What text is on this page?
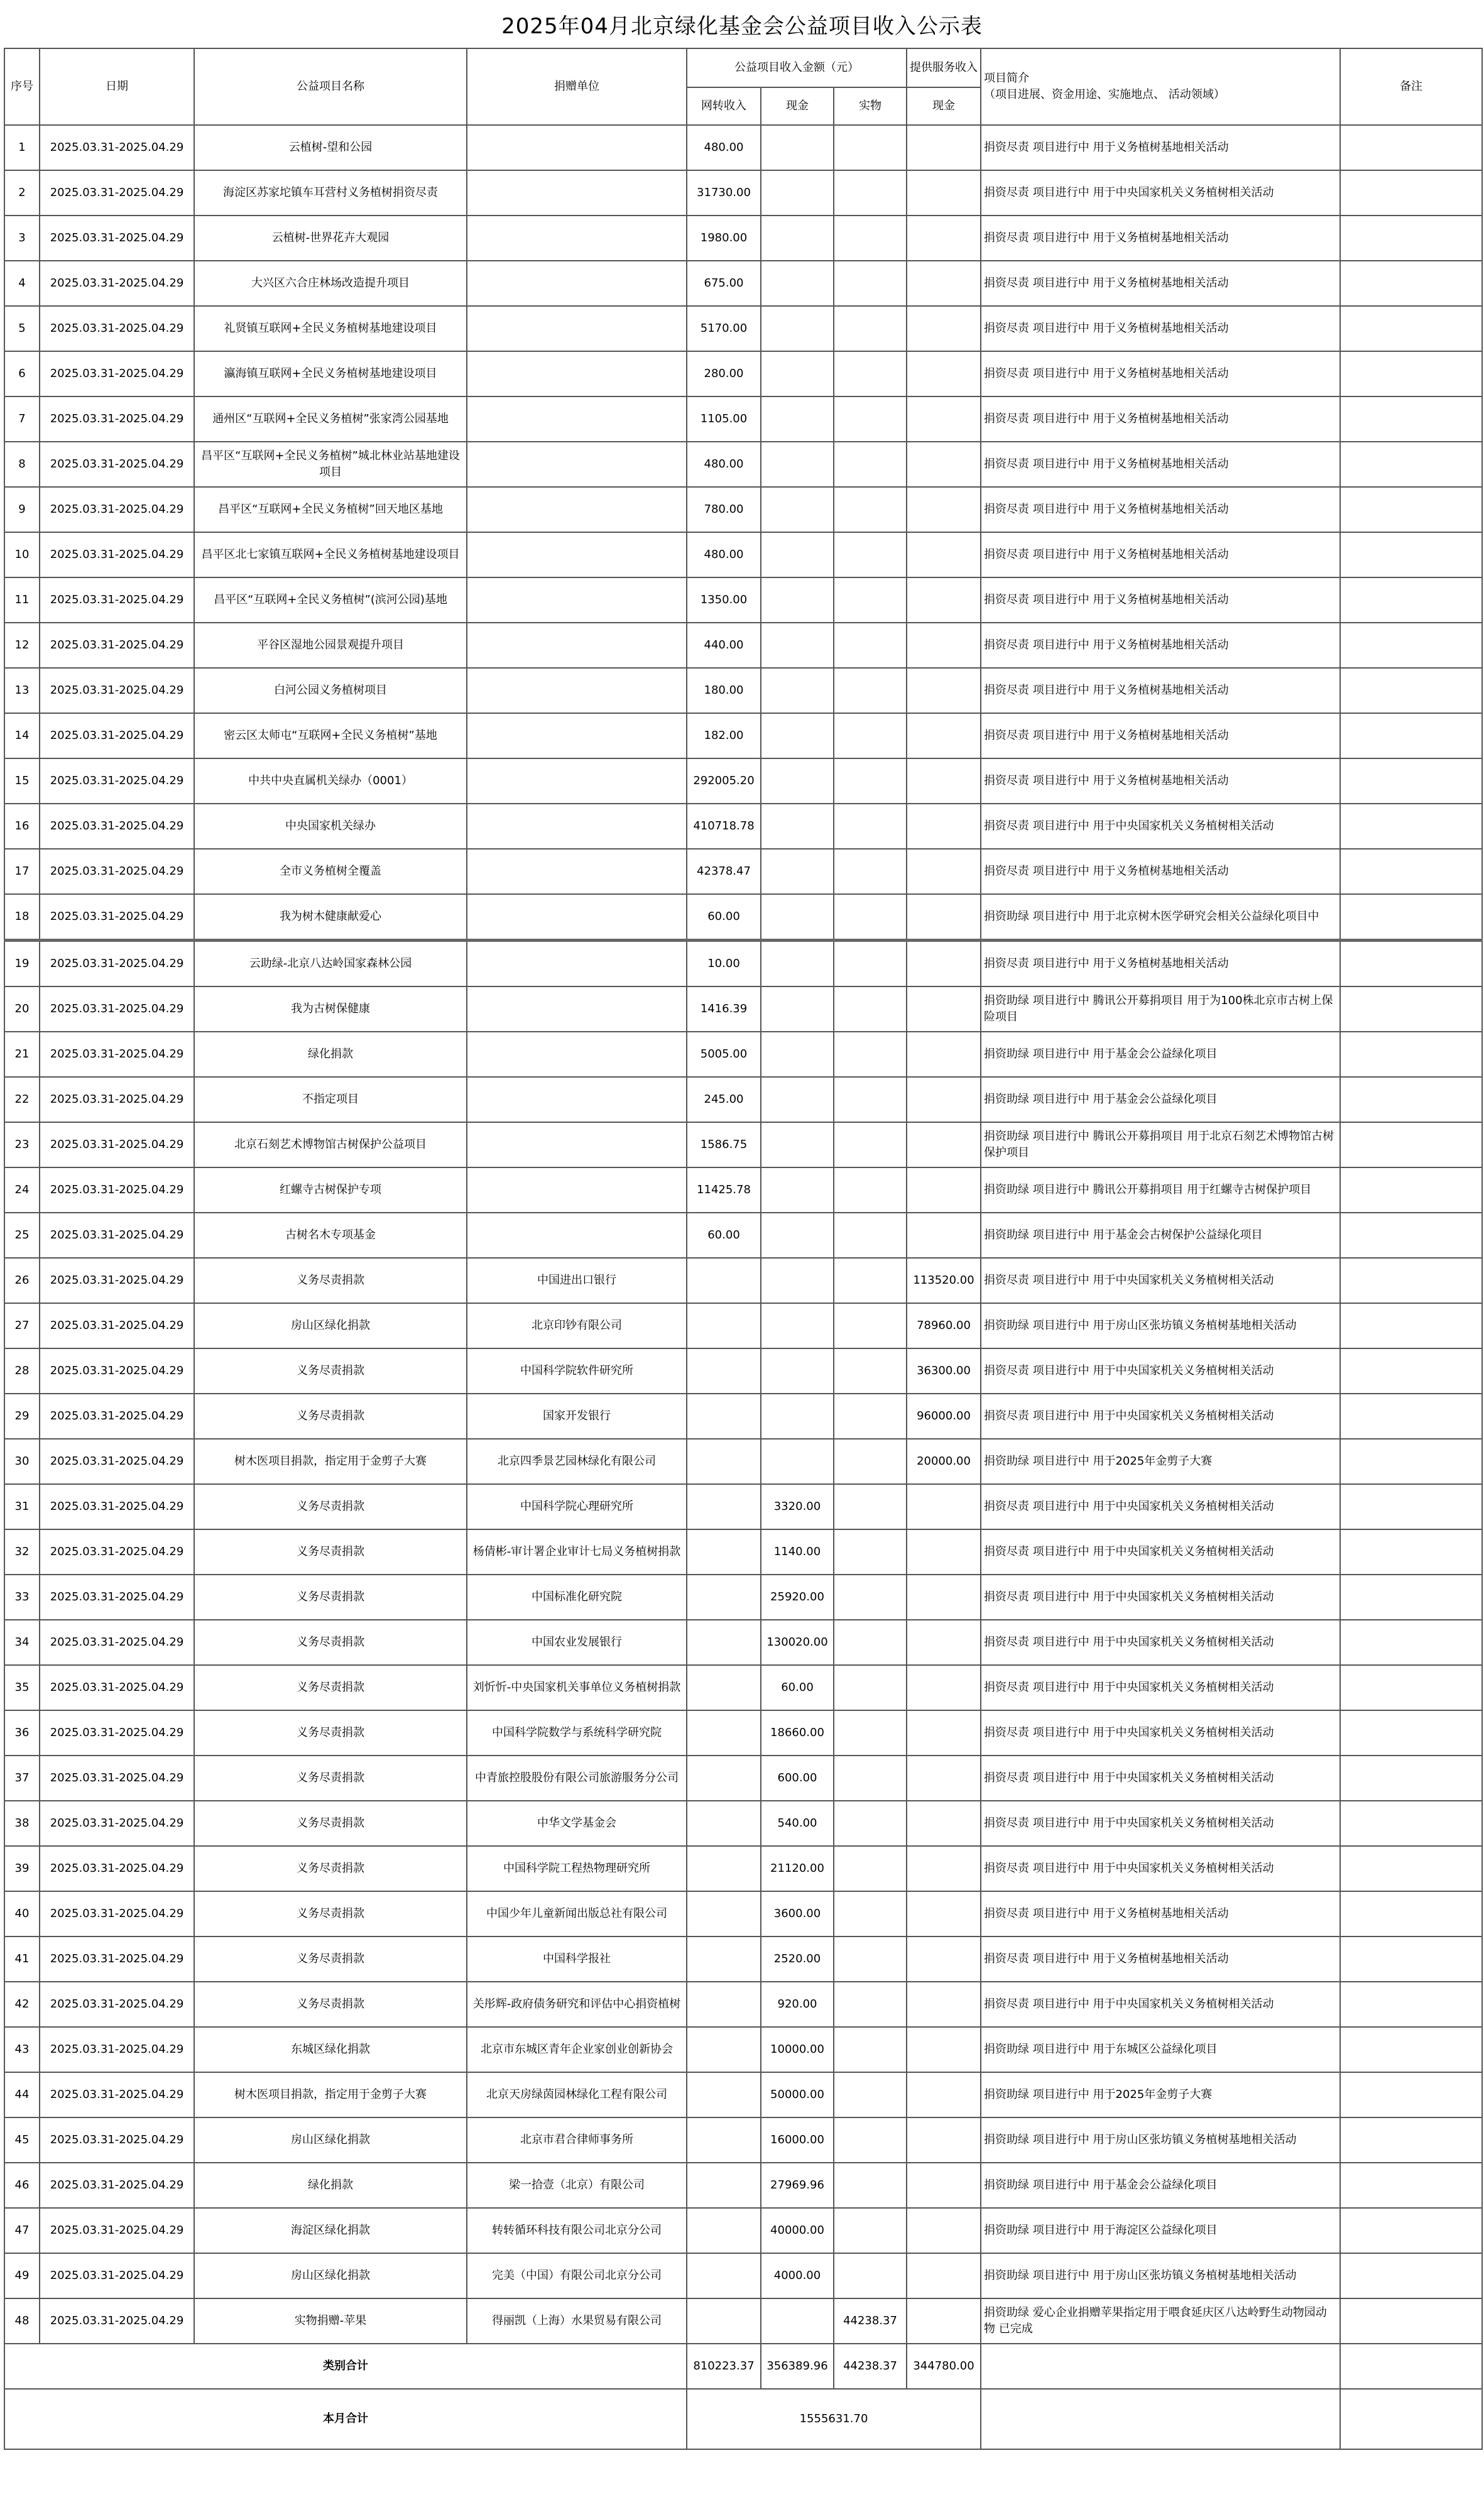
2025年04月北京绿化基金会公益项目收入公示表
序号	日期	公益项目名称	捐赠单位	公益项目收入金额（元）			提供服务收入	项目简介
（项目进展、资金用途、实施地点、 活动领域）	备注
				网转收入	现金	实物	现金		
1	2025.03.31-2025.04.29	云植树-望和公园		480.00				捐资尽责 项目进行中 用于义务植树基地相关活动	
2	2025.03.31-2025.04.29	海淀区苏家坨镇车耳营村义务植树捐资尽责		31730.00				捐资尽责 项目进行中 用于中央国家机关义务植树相关活动	
3	2025.03.31-2025.04.29	云植树-世界花卉大观园		1980.00				捐资尽责 项目进行中 用于义务植树基地相关活动	
4	2025.03.31-2025.04.29	大兴区六合庄林场改造提升项目		675.00				捐资尽责 项目进行中 用于义务植树基地相关活动	
5	2025.03.31-2025.04.29	礼贤镇互联网+全民义务植树基地建设项目		5170.00				捐资尽责 项目进行中 用于义务植树基地相关活动	
6	2025.03.31-2025.04.29	瀛海镇互联网+全民义务植树基地建设项目		280.00				捐资尽责 项目进行中 用于义务植树基地相关活动	
7	2025.03.31-2025.04.29	通州区“互联网+全民义务植树”张家湾公园基地		1105.00				捐资尽责 项目进行中 用于义务植树基地相关活动	
8	2025.03.31-2025.04.29	昌平区“互联网+全民义务植树”城北林业站基地建设项目		480.00				捐资尽责 项目进行中 用于义务植树基地相关活动	
9	2025.03.31-2025.04.29	昌平区“互联网+全民义务植树”回天地区基地		780.00				捐资尽责 项目进行中 用于义务植树基地相关活动	
10	2025.03.31-2025.04.29	昌平区北七家镇互联网+全民义务植树基地建设项目		480.00				捐资尽责 项目进行中 用于义务植树基地相关活动	
11	2025.03.31-2025.04.29	昌平区“互联网+全民义务植树”(滨河公园)基地		1350.00				捐资尽责 项目进行中 用于义务植树基地相关活动	
12	2025.03.31-2025.04.29	平谷区湿地公园景观提升项目		440.00				捐资尽责 项目进行中 用于义务植树基地相关活动	
13	2025.03.31-2025.04.29	白河公园义务植树项目		180.00				捐资尽责 项目进行中 用于义务植树基地相关活动	
14	2025.03.31-2025.04.29	密云区太师屯“互联网+全民义务植树”基地		182.00				捐资尽责 项目进行中 用于义务植树基地相关活动	
15	2025.03.31-2025.04.29	中共中央直属机关绿办（0001）		292005.20				捐资尽责 项目进行中 用于义务植树基地相关活动	
16	2025.03.31-2025.04.29	中央国家机关绿办		410718.78				捐资尽责 项目进行中 用于中央国家机关义务植树相关活动	
17	2025.03.31-2025.04.29	全市义务植树全覆盖		42378.47				捐资尽责 项目进行中 用于义务植树基地相关活动	
18	2025.03.31-2025.04.29	我为树木健康献爱心		60.00				捐资助绿 项目进行中 用于北京树木医学研究会相关公益绿化项目中	
19	2025.03.31-2025.04.29	云助绿-北京八达岭国家森林公园		10.00				捐资尽责 项目进行中 用于义务植树基地相关活动	
20	2025.03.31-2025.04.29	我为古树保健康		1416.39				捐资助绿 项目进行中 腾讯公开募捐项目 用于为100株北京市古树上保险项目	
21	2025.03.31-2025.04.29	绿化捐款		5005.00				捐资助绿 项目进行中 用于基金会公益绿化项目	
22	2025.03.31-2025.04.29	不指定项目		245.00				捐资助绿 项目进行中 用于基金会公益绿化项目	
23	2025.03.31-2025.04.29	北京石刻艺术博物馆古树保护公益项目		1586.75				捐资助绿 项目进行中 腾讯公开募捐项目 用于北京石刻艺术博物馆古树保护项目	
24	2025.03.31-2025.04.29	红螺寺古树保护专项		11425.78				捐资助绿 项目进行中 腾讯公开募捐项目 用于红螺寺古树保护项目	
25	2025.03.31-2025.04.29	古树名木专项基金		60.00				捐资助绿 项目进行中 用于基金会古树保护公益绿化项目	
26	2025.03.31-2025.04.29	义务尽责捐款	中国进出口银行				113520.00	捐资尽责 项目进行中 用于中央国家机关义务植树相关活动	
27	2025.03.31-2025.04.29	房山区绿化捐款	北京印钞有限公司				78960.00	捐资助绿 项目进行中 用于房山区张坊镇义务植树基地相关活动	
28	2025.03.31-2025.04.29	义务尽责捐款	中国科学院软件研究所				36300.00	捐资尽责 项目进行中 用于中央国家机关义务植树相关活动	
29	2025.03.31-2025.04.29	义务尽责捐款	国家开发银行				96000.00	捐资尽责 项目进行中 用于中央国家机关义务植树相关活动	
30	2025.03.31-2025.04.29	树木医项目捐款，指定用于金剪子大赛	北京四季景艺园林绿化有限公司				20000.00	捐资助绿 项目进行中 用于2025年金剪子大赛	
31	2025.03.31-2025.04.29	义务尽责捐款	中国科学院心理研究所		3320.00			捐资尽责 项目进行中 用于中央国家机关义务植树相关活动	
32	2025.03.31-2025.04.29	义务尽责捐款	杨倩彬-审计署企业审计七局义务植树捐款		1140.00			捐资尽责 项目进行中 用于中央国家机关义务植树相关活动	
33	2025.03.31-2025.04.29	义务尽责捐款	中国标准化研究院		25920.00			捐资尽责 项目进行中 用于中央国家机关义务植树相关活动	
34	2025.03.31-2025.04.29	义务尽责捐款	中国农业发展银行		130020.00			捐资尽责 项目进行中 用于中央国家机关义务植树相关活动	
35	2025.03.31-2025.04.29	义务尽责捐款	刘忻忻-中央国家机关事单位义务植树捐款		60.00			捐资尽责 项目进行中 用于中央国家机关义务植树相关活动	
36	2025.03.31-2025.04.29	义务尽责捐款	中国科学院数学与系统科学研究院		18660.00			捐资尽责 项目进行中 用于中央国家机关义务植树相关活动	
37	2025.03.31-2025.04.29	义务尽责捐款	中青旅控股股份有限公司旅游服务分公司		600.00			捐资尽责 项目进行中 用于中央国家机关义务植树相关活动	
38	2025.03.31-2025.04.29	义务尽责捐款	中华文学基金会		540.00			捐资尽责 项目进行中 用于中央国家机关义务植树相关活动	
39	2025.03.31-2025.04.29	义务尽责捐款	中国科学院工程热物理研究所		21120.00			捐资尽责 项目进行中 用于中央国家机关义务植树相关活动	
40	2025.03.31-2025.04.29	义务尽责捐款	中国少年儿童新闻出版总社有限公司		3600.00			捐资尽责 项目进行中 用于义务植树基地相关活动	
41	2025.03.31-2025.04.29	义务尽责捐款	中国科学报社		2520.00			捐资尽责 项目进行中 用于义务植树基地相关活动	
42	2025.03.31-2025.04.29	义务尽责捐款	关彤辉-政府债务研究和评估中心捐资植树		920.00			捐资尽责 项目进行中 用于中央国家机关义务植树相关活动	
43	2025.03.31-2025.04.29	东城区绿化捐款	北京市东城区青年企业家创业创新协会		10000.00			捐资助绿 项目进行中 用于东城区公益绿化项目	
44	2025.03.31-2025.04.29	树木医项目捐款，指定用于金剪子大赛	北京天房绿茵园林绿化工程有限公司		50000.00			捐资助绿 项目进行中 用于2025年金剪子大赛	
45	2025.03.31-2025.04.29	房山区绿化捐款	北京市君合律师事务所		16000.00			捐资助绿 项目进行中 用于房山区张坊镇义务植树基地相关活动	
46	2025.03.31-2025.04.29	绿化捐款	梁一拾壹（北京）有限公司		27969.96			捐资助绿 项目进行中 用于基金会公益绿化项目	
47	2025.03.31-2025.04.29	海淀区绿化捐款	转转循环科技有限公司北京分公司		40000.00			捐资助绿 项目进行中 用于海淀区公益绿化项目	
49	2025.03.31-2025.04.29	房山区绿化捐款	完美（中国）有限公司北京分公司		4000.00			捐资助绿 项目进行中 用于房山区张坊镇义务植树基地相关活动	
48	2025.03.31-2025.04.29	实物捐赠-苹果	得丽凯（上海）水果贸易有限公司			44238.37		捐资助绿 爱心企业捐赠苹果指定用于喂食延庆区八达岭野生动物园动物 已完成	
类别合计				810223.37	356389.96	44238.37	344780.00		
本月合计				1555631.70					
